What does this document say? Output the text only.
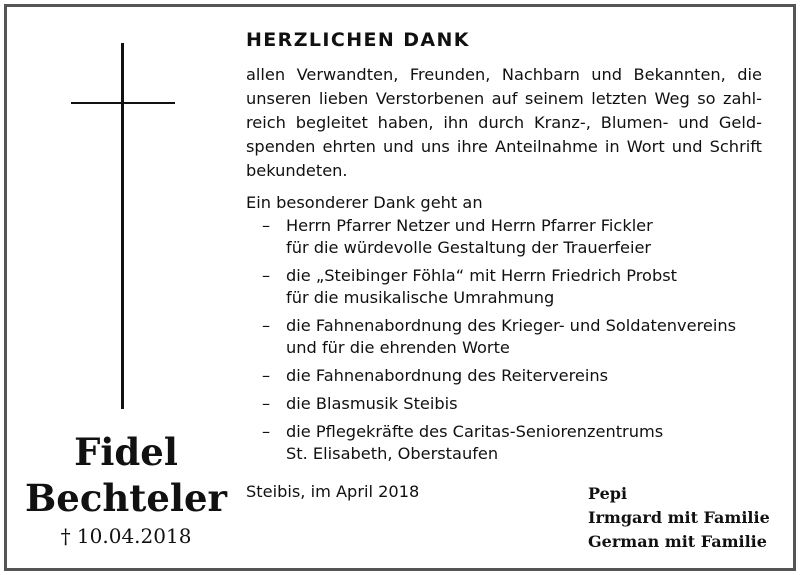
Fidel
Bechteler
† 10.04.2018
HERZLICHEN DANK
allen Verwandten, Freunden, Nachbarn und Bekannten, die
unseren lieben Verstorbenen auf seinem letzten Weg so zahl-
reich begleitet haben, ihn durch Kranz-, Blumen- und Geld-
spenden ehrten und uns ihre Anteilnahme in Wort und Schrift
bekundeten.
Ein besonderer Dank geht an
– Herrn Pfarrer Netzer und Herrn Pfarrer Fickler
für die würdevolle Gestaltung der Trauerfeier
– die „Steibinger Föhla“ mit Herrn Friedrich Probst
für die musikalische Umrahmung
– die Fahnenabordnung des Krieger- und Soldatenvereins
und für die ehrenden Worte
– die Fahnenabordnung des Reitervereins
– die Blasmusik Steibis
– die Pflegekräfte des Caritas-Seniorenzentrums
St. Elisabeth, Oberstaufen
Steibis, im April 2018	Pepi
Irmgard mit Familie
German mit Familie
